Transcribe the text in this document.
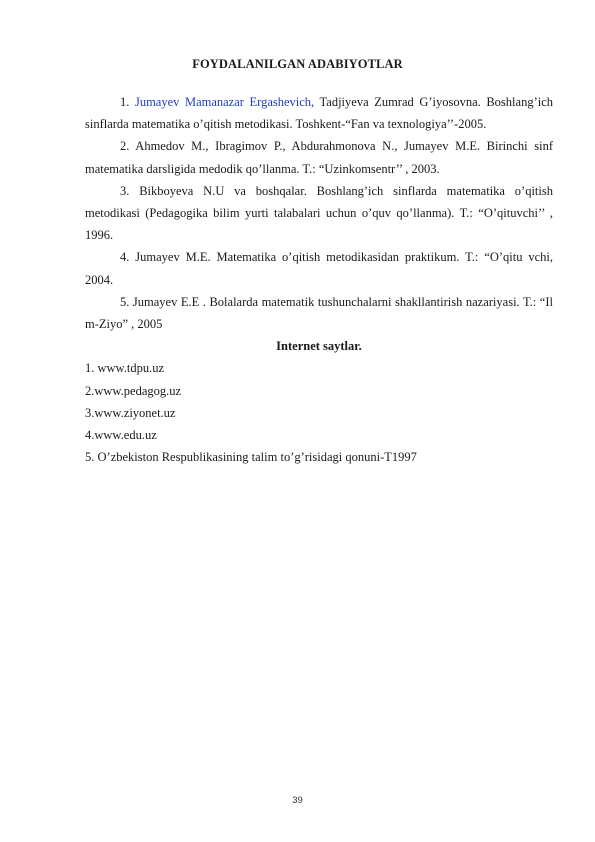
FOYDALANILGAN ADABIYOTLAR

1. Jumayev Mamanazar Ergashevich, Tadjiyeva Zumrad G’iyosovna. Boshlang’ich sinflarda matematika o’qitish metodikasi. Toshkent-“Fan va texnologiya’’-2005.

2. Ahmedov M., Ibragimov P., Abdurahmonova N., Jumayev M.E. Birinchi sinf matematika darsligida medodik qo’llanma. T.: “Uzinkomsentr’’ , 2003.

3. Bikboyeva N.U va boshqalar. Boshlang’ich sinflarda matematika o’qitish metodikasi (Pedagogika bilim yurti talabalari uchun o’quv qo’llanma). T.: “O’qituvchi’’ , 1996.

4. Jumayev M.E. Matematika o’qitish metodikasidan praktikum. T.: “O’qitu vchi, 2004.

5. Jumayev E.E . Bolalarda matematik tushunchalarni shakllantirish nazariyasi. T.: “Ilm-Ziyo” , 2005

Internet saytlar.

1. www.tdpu.uz

2.www.pedagog.uz

3.www.ziyonet.uz

4.www.edu.uz

5. O’zbekiston Respublikasining talim to’g’risidagi qonuni-T1997

39
